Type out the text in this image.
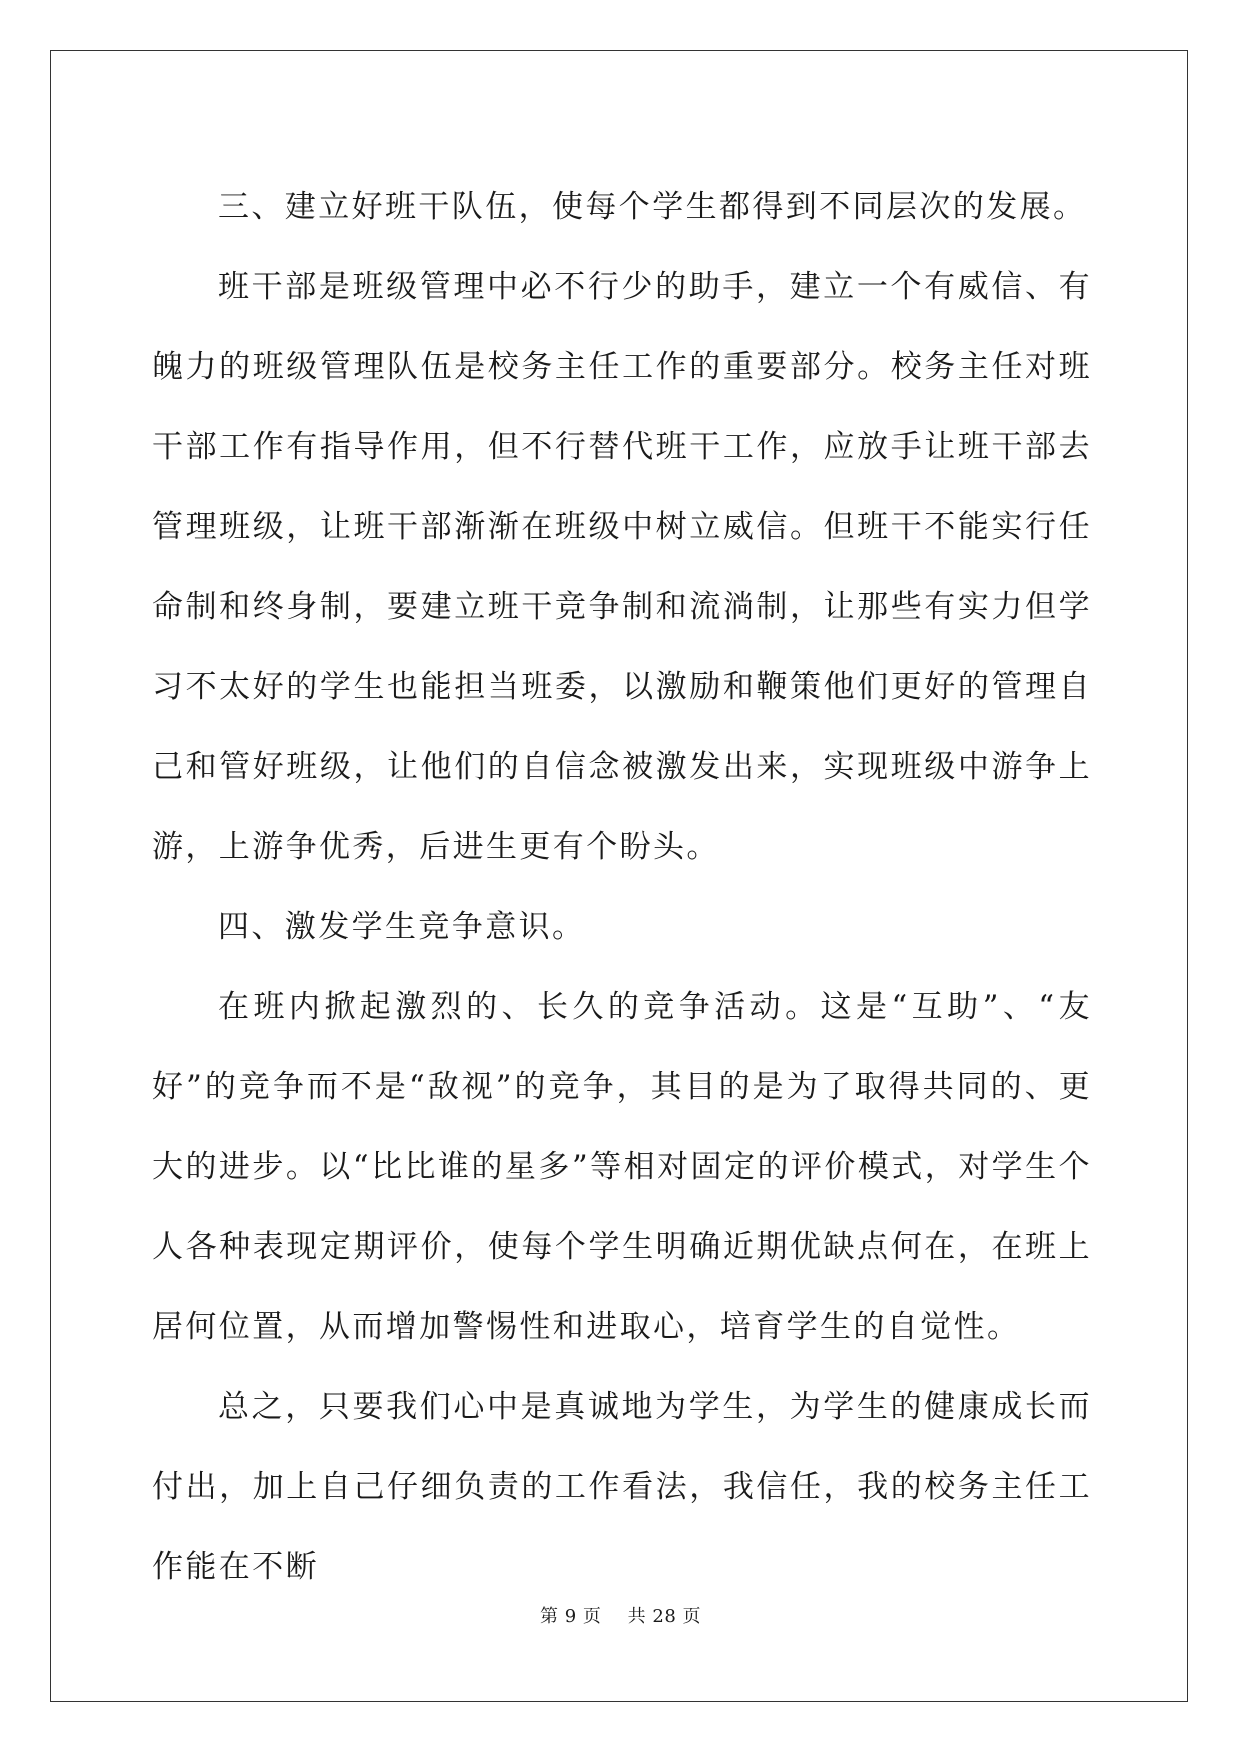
三、建立好班干队伍，使每个学生都得到不同层次的发展。

班干部是班级管理中必不行少的助手，建立一个有威信、有魄力的班级管理队伍是校务主任工作的重要部分。校务主任对班干部工作有指导作用，但不行替代班干工作，应放手让班干部去管理班级，让班干部渐渐在班级中树立威信。但班干不能实行任命制和终身制，要建立班干竞争制和流淌制，让那些有实力但学习不太好的学生也能担当班委，以激励和鞭策他们更好的管理自己和管好班级，让他们的自信念被激发出来，实现班级中游争上游，上游争优秀，后进生更有个盼头。

四、激发学生竞争意识。

在班内掀起激烈的、长久的竞争活动。这是“互助”、“友好”的竞争而不是“敌视”的竞争，其目的是为了取得共同的、更大的进步。以“比比谁的星多”等相对固定的评价模式，对学生个人各种表现定期评价，使每个学生明确近期优缺点何在，在班上居何位置，从而增加警惕性和进取心，培育学生的自觉性。

总之，只要我们心中是真诚地为学生，为学生的健康成长而付出，加上自己仔细负责的工作看法，我信任，我的校务主任工作能在不断

第 9 页 共 28 页
